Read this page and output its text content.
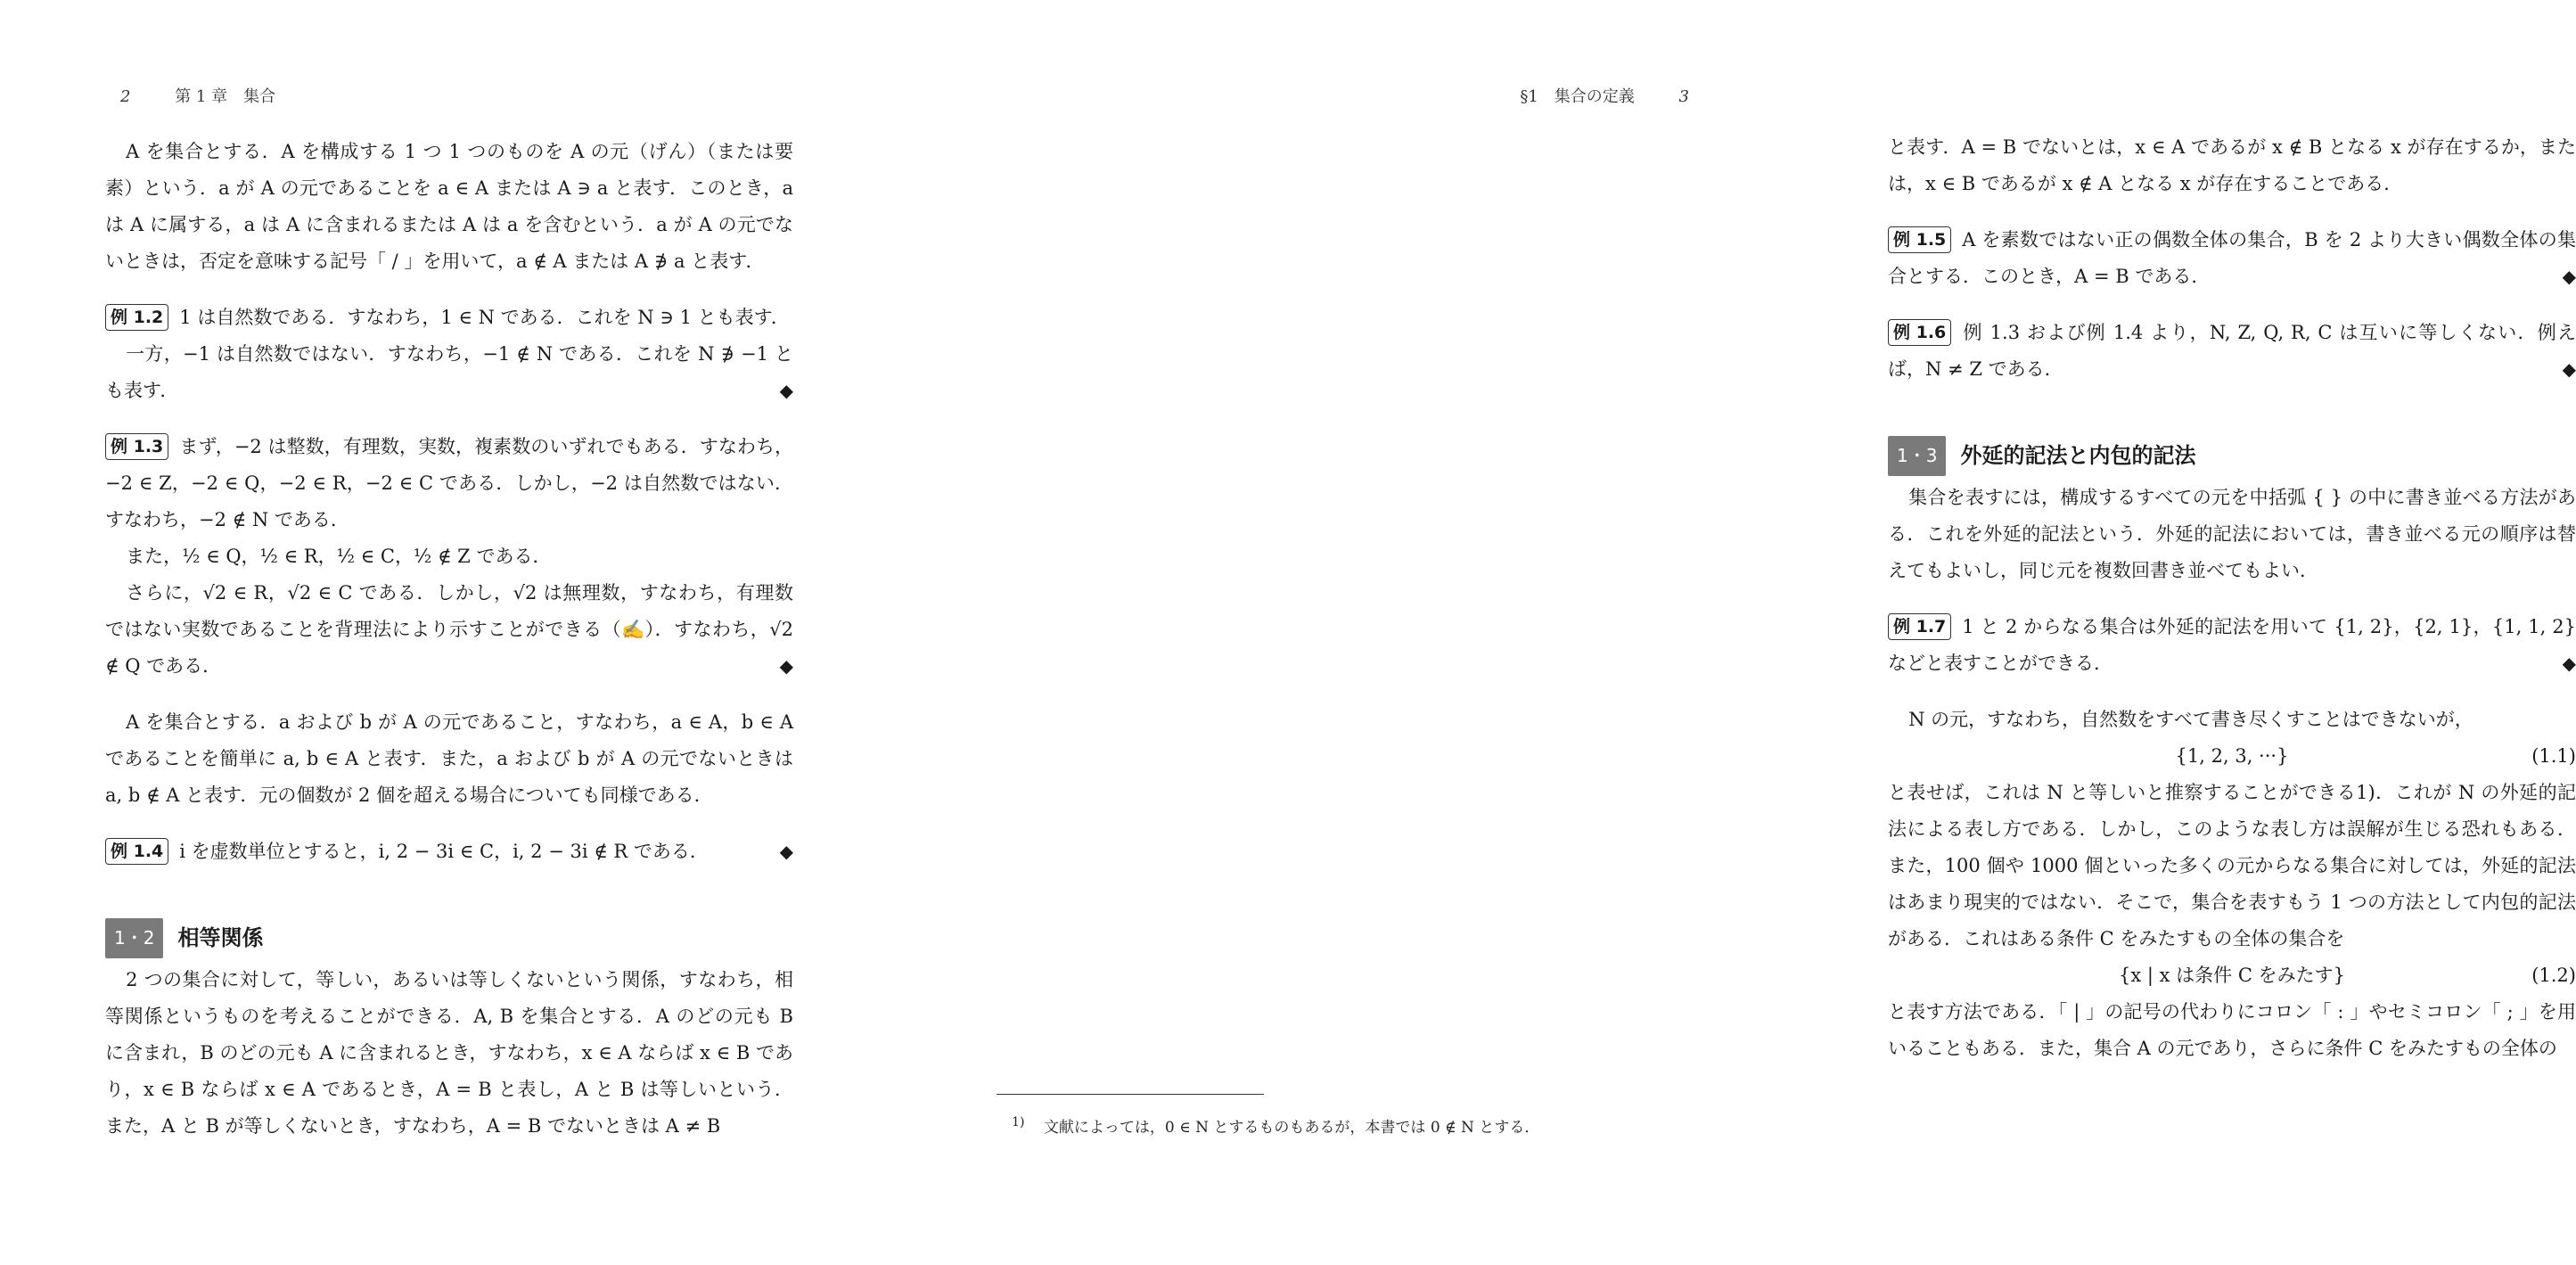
2	第 1 章　集合

A を集合とする．A を構成する 1 つ 1 つのものを A の元（げん）（または要素）という．a が A の元であることを a ∈ A または A ∋ a と表す．このとき，a は A に属する，a は A に含まれるまたは A は a を含むという．a が A の元でないときは，否定を意味する記号「 / 」を用いて，a ∉ A または A ∌ a と表す．

例 1.2 1 は自然数である．すなわち，1 ∈ N である．これを N ∋ 1 とも表す．

一方，−1 は自然数ではない．すなわち，−1 ∉ N である．これを N ∌ −1 とも表す．	◆

例 1.3 まず，−2 は整数，有理数，実数，複素数のいずれでもある．すなわち，−2 ∈ Z，−2 ∈ Q，−2 ∈ R，−2 ∈ C である．しかし，−2 は自然数ではない．すなわち，−2 ∉ N である．

また，½ ∈ Q，½ ∈ R，½ ∈ C，½ ∉ Z である．

さらに，√2 ∈ R，√2 ∈ C である．しかし，√2 は無理数，すなわち，有理数ではない実数であることを背理法により示すことができる（✍）．すなわち，√2 ∉ Q である．	◆

A を集合とする．a および b が A の元であること，すなわち，a ∈ A，b ∈ A であることを簡単に a, b ∈ A と表す．また，a および b が A の元でないときは a, b ∉ A と表す．元の個数が 2 個を超える場合についても同様である．

例 1.4 i を虚数単位とすると，i, 2 − 3i ∈ C，i, 2 − 3i ∉ R である．	◆
1・2	相等関係

2 つの集合に対して，等しい，あるいは等しくないという関係，すなわち，相等関係というものを考えることができる．A, B を集合とする．A のどの元も B に含まれ，B のどの元も A に含まれるとき，すなわち，x ∈ A ならば x ∈ B であり，x ∈ B ならば x ∈ A であるとき，A = B と表し，A と B は等しいという．また，A と B が等しくないとき，すなわち，A = B でないときは A ≠ B

§1　集合の定義	3

と表す．A = B でないとは，x ∈ A であるが x ∉ B となる x が存在するか，または，x ∈ B であるが x ∉ A となる x が存在することである．

例 1.5 A を素数ではない正の偶数全体の集合，B を 2 より大きい偶数全体の集合とする．このとき，A = B である．	◆

例 1.6 例 1.3 および例 1.4 より，N, Z, Q, R, C は互いに等しくない．例えば，N ≠ Z である．	◆
1・3	外延的記法と内包的記法

集合を表すには，構成するすべての元を中括弧 { } の中に書き並べる方法がある．これを外延的記法という．外延的記法においては，書き並べる元の順序は替えてもよいし，同じ元を複数回書き並べてもよい．

例 1.7 1 と 2 からなる集合は外延的記法を用いて {1, 2}，{2, 1}，{1, 1, 2} などと表すことができる．	◆

N の元，すなわち，自然数をすべて書き尽くすことはできないが，

{1, 2, 3, ···}	(1.1)

と表せば，これは N と等しいと推察することができる1)．これが N の外延的記法による表し方である．しかし，このような表し方は誤解が生じる恐れもある．また，100 個や 1000 個といった多くの元からなる集合に対しては，外延的記法はあまり現実的ではない．そこで，集合を表すもう 1 つの方法として内包的記法がある．これはある条件 C をみたすもの全体の集合を

{x | x は条件 C をみたす}	(1.2)

と表す方法である．「 | 」の記号の代わりにコロン「 : 」やセミコロン「 ; 」を用いることもある．また，集合 A の元であり，さらに条件 C をみたすもの全体の

$^{1)}$ 文献によっては，0 ∈ N とするものもあるが，本書では 0 ∉ N とする．
